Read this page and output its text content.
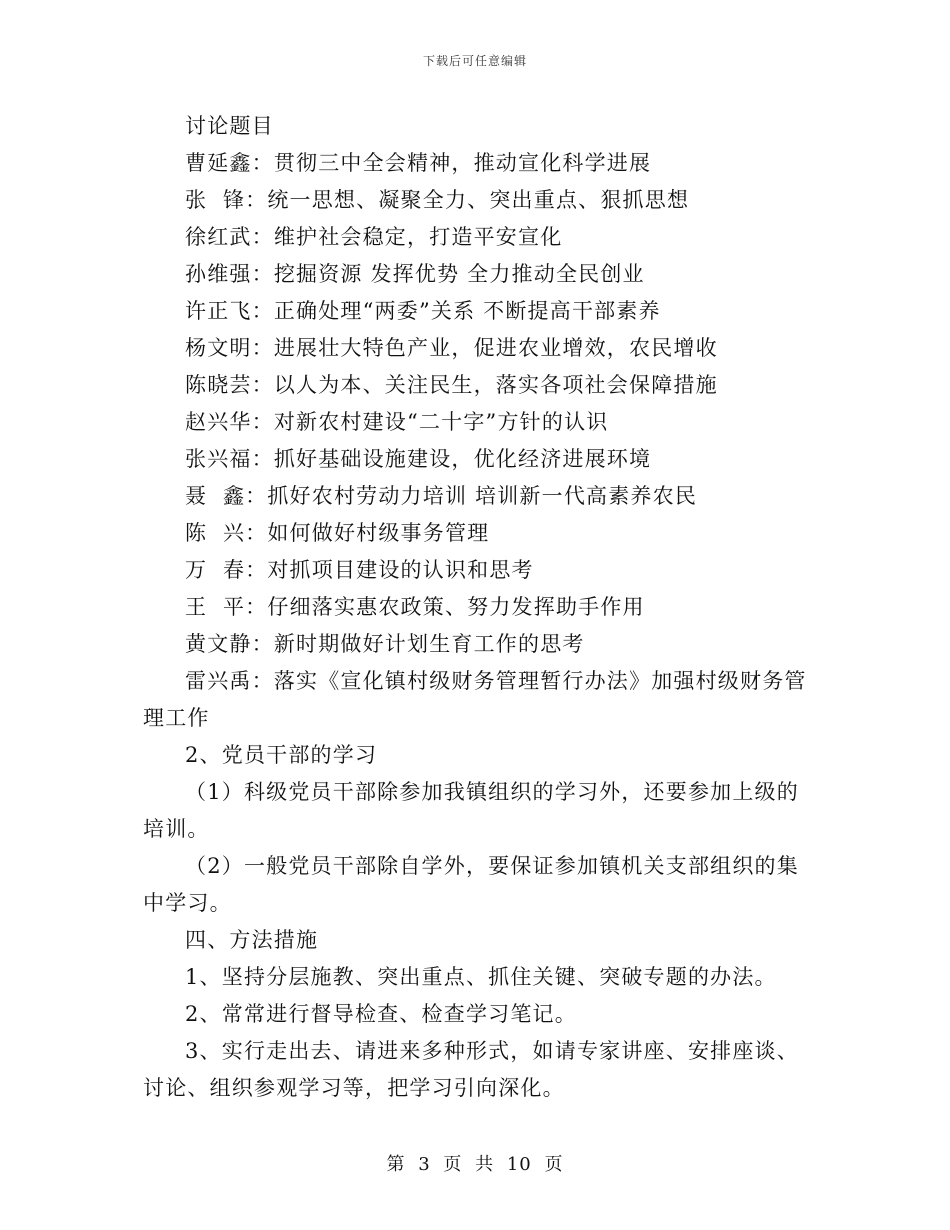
下载后可任意编辑

讨论题目

曹延鑫：贯彻三中全会精神，推动宣化科学进展

张  锋：统一思想、凝聚全力、突出重点、狠抓思想

徐红武：维护社会稳定，打造平安宣化

孙维强：挖掘资源 发挥优势 全力推动全民创业

许正飞：正确处理“两委”关系 不断提高干部素养

杨文明：进展壮大特色产业，促进农业增效，农民增收

陈晓芸：以人为本、关注民生，落实各项社会保障措施

赵兴华：对新农村建设“二十字”方针的认识

张兴福：抓好基础设施建设，优化经济进展环境

聂  鑫：抓好农村劳动力培训 培训新一代高素养农民

陈  兴：如何做好村级事务管理

万  春：对抓项目建设的认识和思考

王  平：仔细落实惠农政策、努力发挥助手作用

黄文静：新时期做好计划生育工作的思考

雷兴禹：落实《宣化镇村级财务管理暂行办法》加强村级财务管理工作

2、党员干部的学习

（1）科级党员干部除参加我镇组织的学习外，还要参加上级的培训。

（2）一般党员干部除自学外，要保证参加镇机关支部组织的集中学习。

四、方法措施

1、坚持分层施教、突出重点、抓住关键、突破专题的办法。

2、常常进行督导检查、检查学习笔记。

3、实行走出去、请进来多种形式，如请专家讲座、安排座谈、讨论、组织参观学习等，把学习引向深化。

第 3 页 共 10 页
